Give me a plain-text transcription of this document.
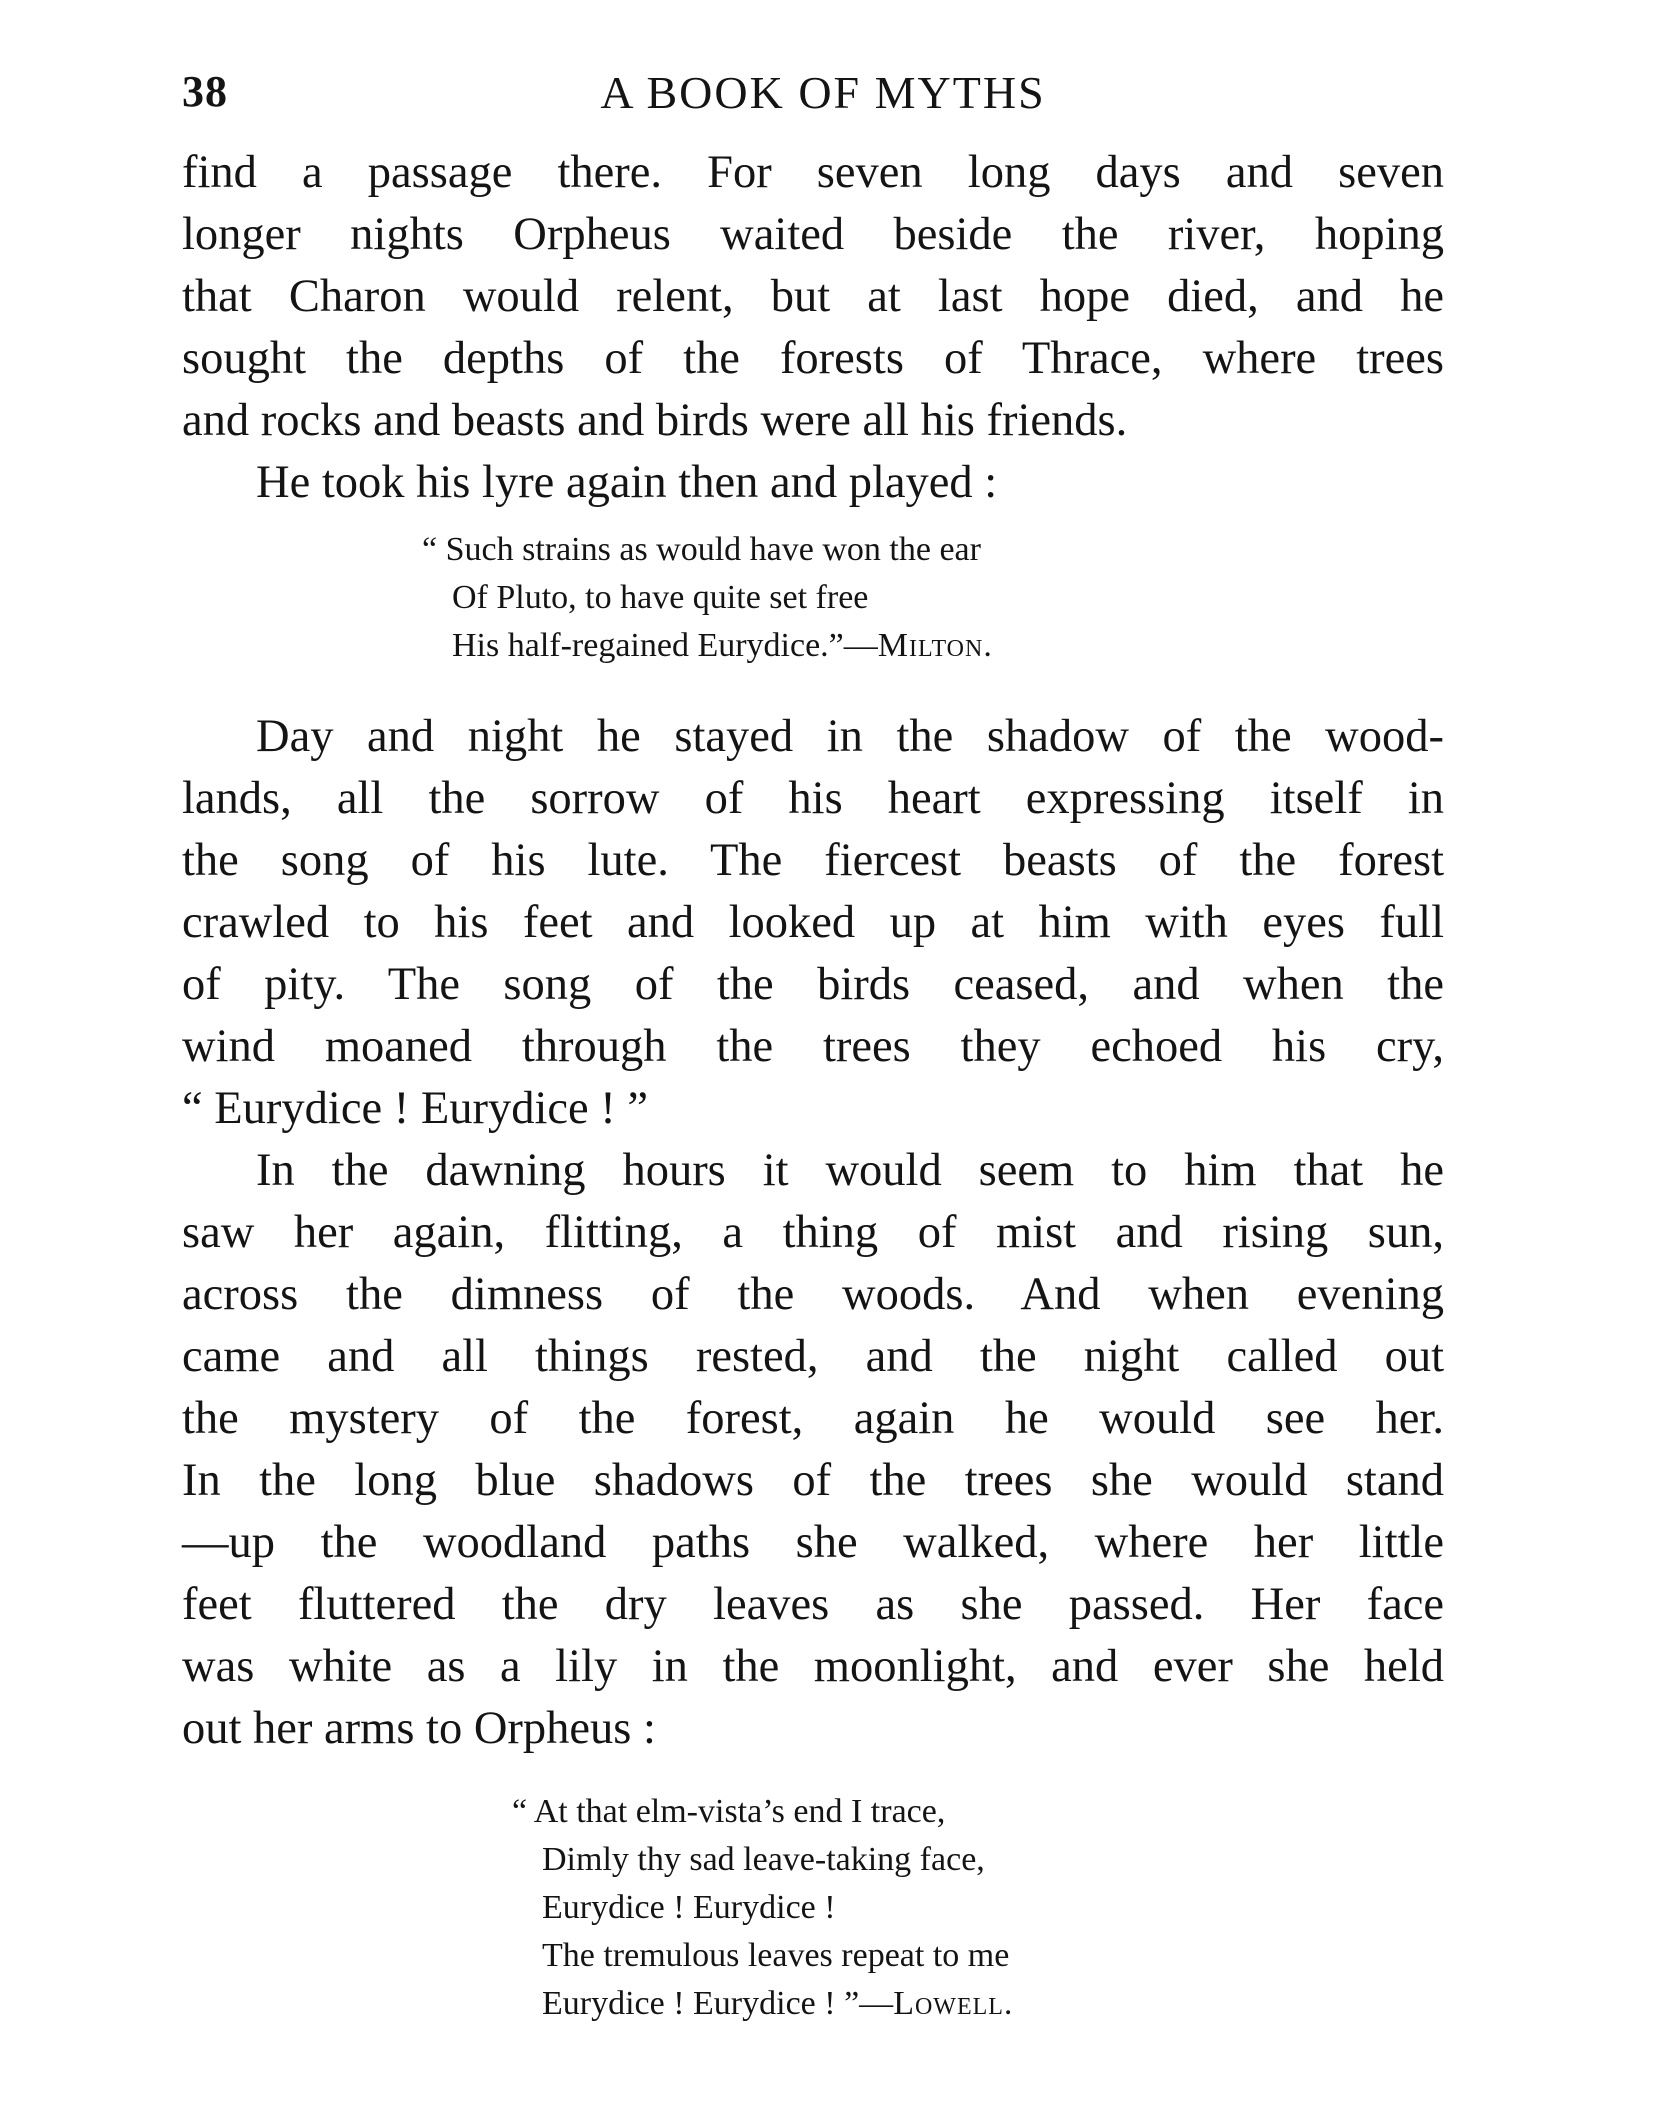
38	A BOOK OF MYTHS
find a passage there. For seven long days and seven
longer nights Orpheus waited beside the river, hoping
that Charon would relent, but at last hope died, and he
sought the depths of the forests of Thrace, where trees
and rocks and beasts and birds were all his friends.
He took his lyre again then and played :
“ Such strains as would have won the ear
Of Pluto, to have quite set free
His half-regained Eurydice.”—Milton.
Day and night he stayed in the shadow of the wood-
lands, all the sorrow of his heart expressing itself in
the song of his lute. The fiercest beasts of the forest
crawled to his feet and looked up at him with eyes full
of pity. The song of the birds ceased, and when the
wind moaned through the trees they echoed his cry,
“ Eurydice ! Eurydice ! ”
In the dawning hours it would seem to him that he
saw her again, flitting, a thing of mist and rising sun,
across the dimness of the woods. And when evening
came and all things rested, and the night called out
the mystery of the forest, again he would see her.
In the long blue shadows of the trees she would stand
—up the woodland paths she walked, where her little
feet fluttered the dry leaves as she passed. Her face
was white as a lily in the moonlight, and ever she held
out her arms to Orpheus :
“ At that elm-vista’s end I trace,
Dimly thy sad leave-taking face,
Eurydice ! Eurydice !
The tremulous leaves repeat to me
Eurydice ! Eurydice ! ”—Lowell.
